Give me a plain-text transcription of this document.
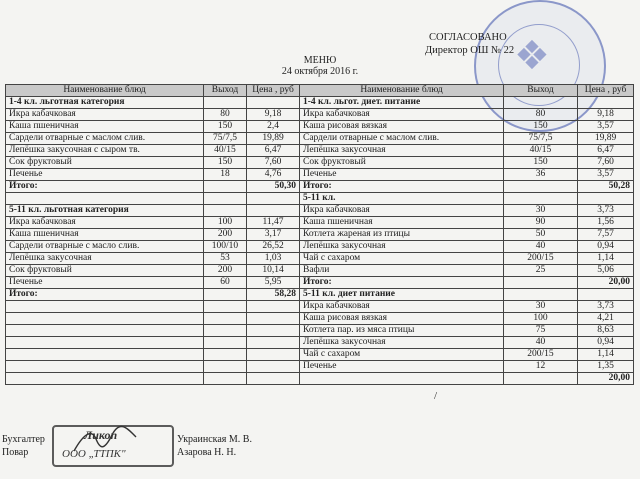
❖
СОГЛАСОВАНО
Директор ОШ № 22
МЕНЮ
24 октября 2016 г.
Наименование блюд	Выход	Цена , руб	Наименование блюд	Выход	Цена , руб
1-4 кл. льготная категория			1-4 кл. льгот. диет. питание		
Икра кабачковая	80	9,18	Икра кабачковая	80	9,18
Каша пшеничная	150	2,4	Каша рисовая вязкая	150	3,57
Сардели отварные с маслом слив.	75/7,5	19,89	Сардели отварные с маслом слив.	75/7,5	19,89
Лепёшка закусочная с сыром тв.	40/15	6,47	Лепёшка закусочная	40/15	6,47
Сок фруктовый	150	7,60	Сок фруктовый	150	7,60
Печенье	18	4,76	Печенье	36	3,57
Итого:		50,30	Итого:		50,28
			5-11 кл.		
5-11 кл. льготная категория			Икра кабачковая	30	3,73
Икра кабачковая	100	11,47	Каша пшеничная	90	1,56
Каша пшеничная	200	3,17	Котлета жареная из птицы	50	7,57
Сардели отварные с масло слив.	100/10	26,52	Лепёшка закусочная	40	0,94
Лепёшка закусочная	53	1,03	Чай с сахаром	200/15	1,14
Сок фруктовый	200	10,14	Вафли	25	5,06
Печенье	60	5,95	Итого:		20,00
Итого:		58,28	5-11 кл. диет питание		
			Икра кабачковая	30	3,73
			Каша рисовая вязкая	100	4,21
			Котлета пар. из мяса птицы	75	8,63
			Лепёшка закусочная	40	0,94
			Чай с сахаром	200/15	1,14
			Печенье	12	1,35
					20,00
/
Бухгалтер	Украинская М. В.
Повар	Азарова Н. Н.
Ликоп
ООО „ТТПК"
